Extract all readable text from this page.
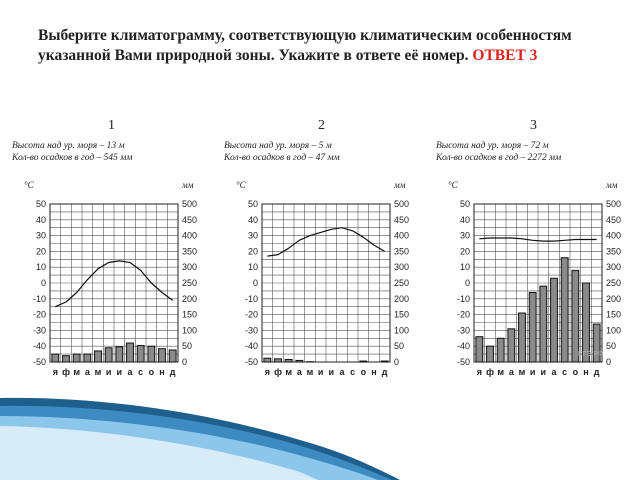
Выберите климатограмму, соответствующую климатическим особенностям указанной Вами природной зоны. Укажите в ответе её номер. ОТВЕТ 3
1	2	3
Высота над ур. моря – 13 м
Кол-во осадков в год – 545 мм
Высота над ур. моря – 5 м
Кол-во осадков в год – 47 мм
Высота над ур. моря – 72 м
Кол-во осадков в год – 2272 мм
°C	мм
50
40
30
20
10
0
-10
-20
-30
-40
-50
500
450
400
350
300
250
200
150
100
50
0
я ф м а м и и а с о н д
°C	мм
50
40
30
20
10
0
-10
-20
-30
-40
-50
500
450
400
350
300
250
200
150
100
50
0
я ф м а м и и а с о н д
°C	мм
50
40
30
20
10
0
-10
-20
-30
-40
-50
500
450
400
350
300
250
200
150
100
50
0
я ф м а м и и а с о н д
ЕГЭ.РФ
